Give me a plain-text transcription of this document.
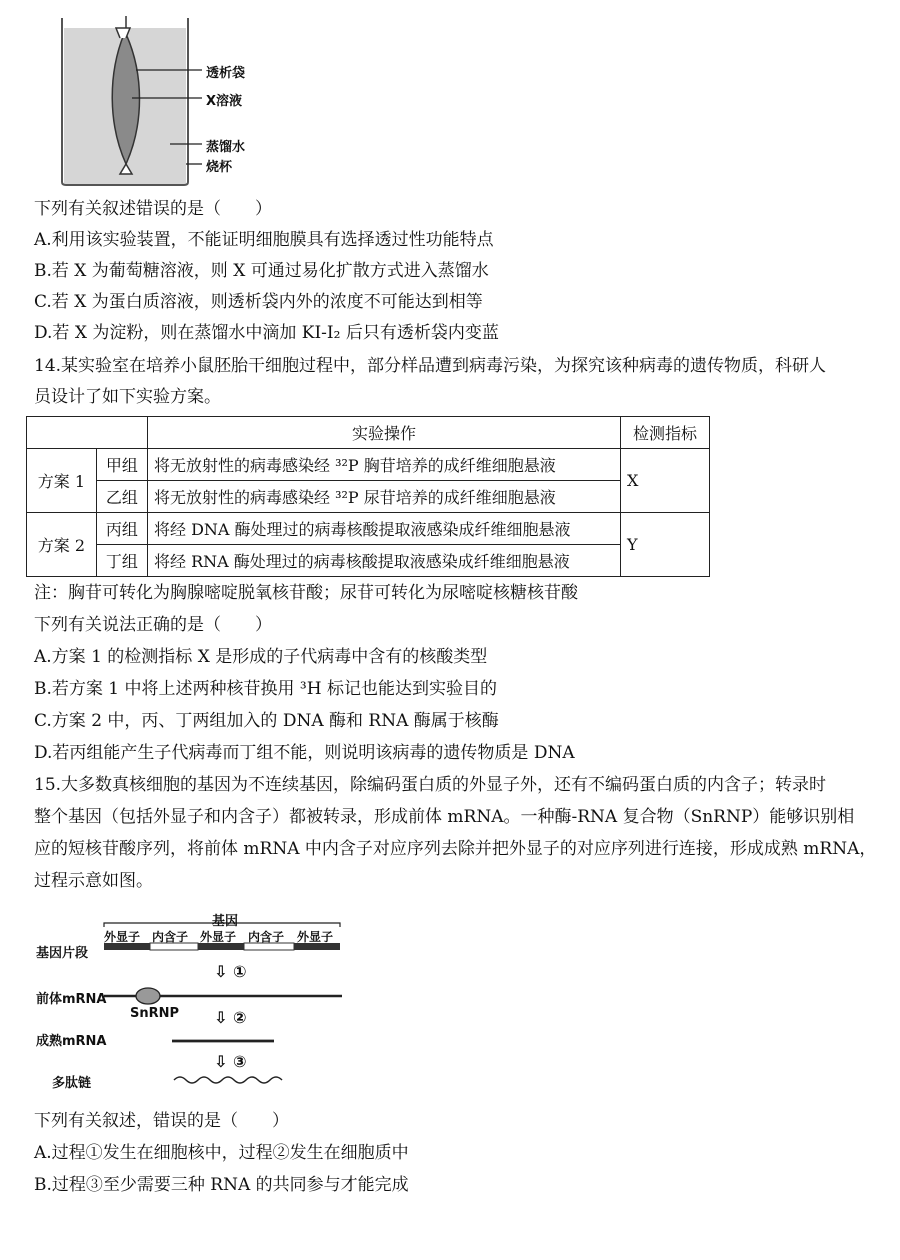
透析袋
X溶液
蒸馏水
烧杯
下列有关叙述错误的是（　　）
A.利用该实验装置，不能证明细胞膜具有选择透过性功能特点
B.若 X 为葡萄糖溶液，则 X 可通过易化扩散方式进入蒸馏水
C.若 X 为蛋白质溶液，则透析袋内外的浓度不可能达到相等
D.若 X 为淀粉，则在蒸馏水中滴加 KI-I₂ 后只有透析袋内变蓝
14.某实验室在培养小鼠胚胎干细胞过程中，部分样品遭到病毒污染，为探究该种病毒的遗传物质，科研人
员设计了如下实验方案。
		实验操作	检测指标
方案 1	甲组	将无放射性的病毒感染经 ³²P 胸苷培养的成纤维细胞悬液	X
	乙组	将无放射性的病毒感染经 ³²P 尿苷培养的成纤维细胞悬液	
方案 2	丙组	将经 DNA 酶处理过的病毒核酸提取液感染成纤维细胞悬液	Y
	丁组	将经 RNA 酶处理过的病毒核酸提取液感染成纤维细胞悬液	
注：胸苷可转化为胸腺嘧啶脱氧核苷酸；尿苷可转化为尿嘧啶核糖核苷酸
下列有关说法正确的是（　　）
A.方案 1 的检测指标 X 是形成的子代病毒中含有的核酸类型
B.若方案 1 中将上述两种核苷换用 ³H 标记也能达到实验目的
C.方案 2 中，丙、丁两组加入的 DNA 酶和 RNA 酶属于核酶
D.若丙组能产生子代病毒而丁组不能，则说明该病毒的遗传物质是 DNA
15.大多数真核细胞的基因为不连续基因，除编码蛋白质的外显子外，还有不编码蛋白质的内含子；转录时
整个基因（包括外显子和内含子）都被转录，形成前体 mRNA。一种酶-RNA 复合物（SnRNP）能够识别相
应的短核苷酸序列，将前体 mRNA 中内含子对应序列去除并把外显子的对应序列进行连接，形成成熟 mRNA，
过程示意如图。
基因
基因片段
外显子 内含子 外显子 内含子 外显子
⇩ ①
前体mRNA
SnRNP ⇩ ②
成熟mRNA
⇩ ③
多肽链
下列有关叙述，错误的是（　　）
A.过程①发生在细胞核中，过程②发生在细胞质中
B.过程③至少需要三种 RNA 的共同参与才能完成
